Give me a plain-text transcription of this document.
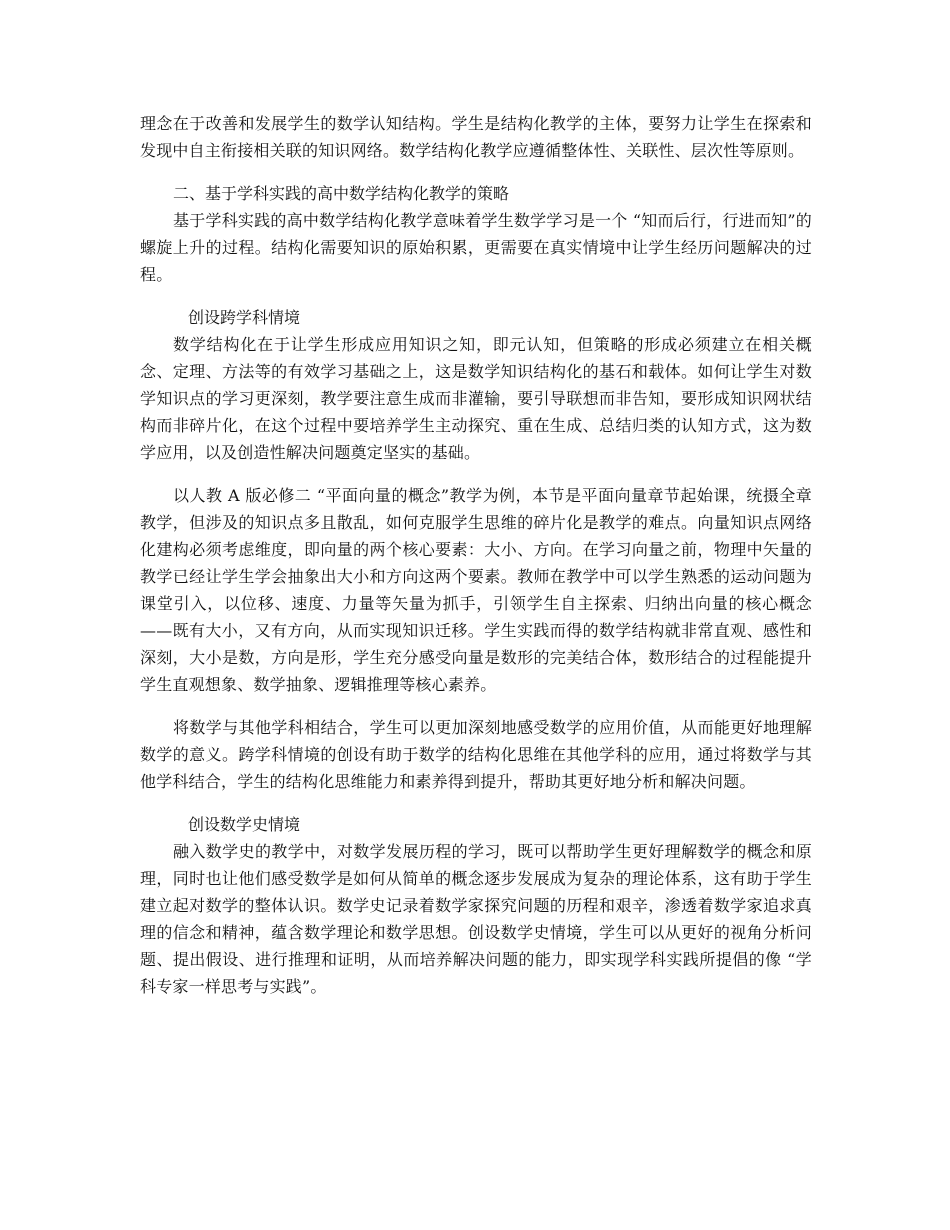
理念在于改善和发展学生的数学认知结构。学生是结构化教学的主体，要努力让学生在探索和发现中自主衔接相关联的知识网络。数学结构化教学应遵循整体性、关联性、层次性等原则。

二、基于学科实践的高中数学结构化教学的策略

基于学科实践的高中数学结构化教学意味着学生数学学习是一个 “知而后行，行进而知”的螺旋上升的过程。结构化需要知识的原始积累，更需要在真实情境中让学生经历问题解决的过程。

创设跨学科情境

数学结构化在于让学生形成应用知识之知，即元认知，但策略的形成必须建立在相关概念、定理、方法等的有效学习基础之上，这是数学知识结构化的基石和载体。如何让学生对数学知识点的学习更深刻，教学要注意生成而非灌输，要引导联想而非告知，要形成知识网状结构而非碎片化，在这个过程中要培养学生主动探究、重在生成、总结归类的认知方式，这为数学应用，以及创造性解决问题奠定坚实的基础。

以人教 A 版必修二 “平面向量的概念”教学为例，本节是平面向量章节起始课，统摄全章教学，但涉及的知识点多且散乱，如何克服学生思维的碎片化是教学的难点。向量知识点网络化建构必须考虑维度，即向量的两个核心要素：大小、方向。在学习向量之前，物理中矢量的教学已经让学生学会抽象出大小和方向这两个要素。教师在教学中可以学生熟悉的运动问题为课堂引入，以位移、速度、力量等矢量为抓手，引领学生自主探索、归纳出向量的核心概念——既有大小，又有方向，从而实现知识迁移。学生实践而得的数学结构就非常直观、感性和深刻，大小是数，方向是形，学生充分感受向量是数形的完美结合体，数形结合的过程能提升学生直观想象、数学抽象、逻辑推理等核心素养。

将数学与其他学科相结合，学生可以更加深刻地感受数学的应用价值，从而能更好地理解数学的意义。跨学科情境的创设有助于数学的结构化思维在其他学科的应用，通过将数学与其他学科结合，学生的结构化思维能力和素养得到提升，帮助其更好地分析和解决问题。

创设数学史情境

融入数学史的教学中，对数学发展历程的学习，既可以帮助学生更好理解数学的概念和原理，同时也让他们感受数学是如何从简单的概念逐步发展成为复杂的理论体系，这有助于学生建立起对数学的整体认识。数学史记录着数学家探究问题的历程和艰辛，渗透着数学家追求真理的信念和精神，蕴含数学理论和数学思想。创设数学史情境，学生可以从更好的视角分析问题、提出假设、进行推理和证明，从而培养解决问题的能力，即实现学科实践所提倡的像 “学科专家一样思考与实践”。
